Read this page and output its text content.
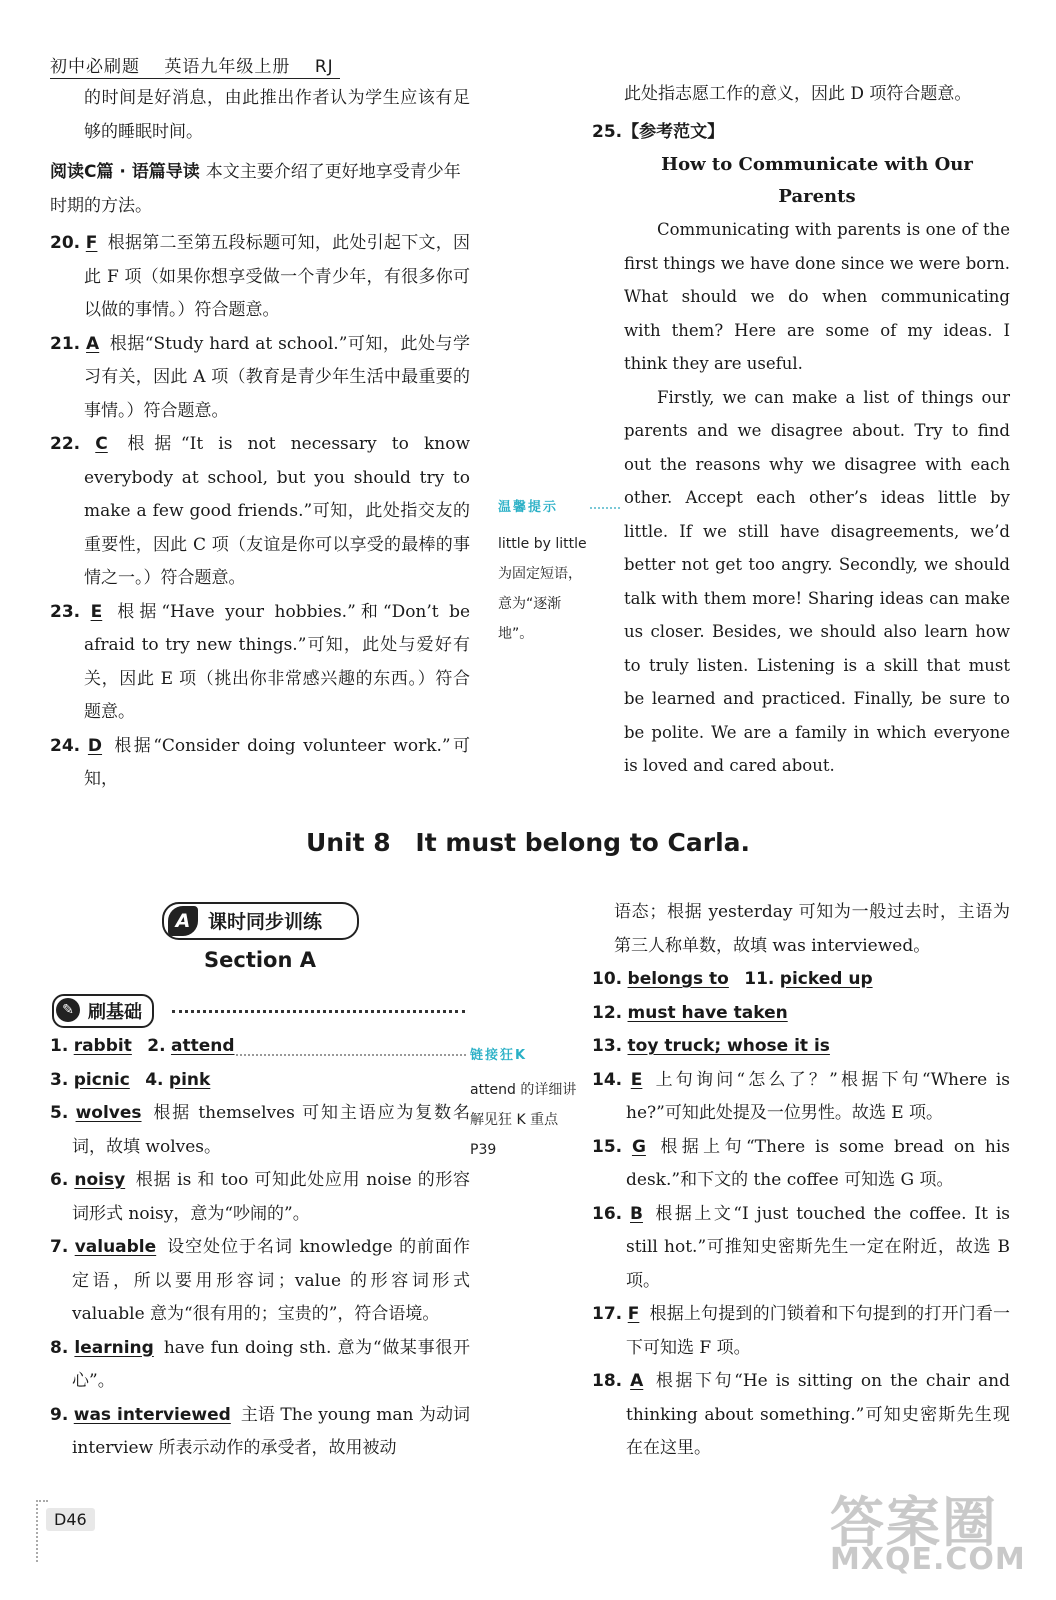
初中必刷题 英语九年级上册 RJ

的时间是好消息，由此推出作者认为学生应该有足够的睡眠时间。

阅读C篇 · 语篇导读 本文主要介绍了更好地享受青少年时期的方法。

20. F 根据第二至第五段标题可知，此处引起下文，因此 F 项（如果你想享受做一个青少年，有很多你可以做的事情。）符合题意。

21. A 根据“Study hard at school.”可知，此处与学习有关，因此 A 项（教育是青少年生活中最重要的事情。）符合题意。

22. C 根据“It is not necessary to know everybody at school, but you should try to make a few good friends.”可知，此处指交友的重要性，因此 C 项（友谊是你可以享受的最棒的事情之一。）符合题意。

23. E 根据“Have your hobbies.”和“Don’t be afraid to try new things.”可知，此处与爱好有关，因此 E 项（挑出你非常感兴趣的东西。）符合题意。

24. D 根据“Consider doing volunteer work.”可知，

温馨提示
little by little 为固定短语，意为“逐渐地”。

此处指志愿工作的意义，因此 D 项符合题意。

25.【参考范文】

How to Communicate with Our Parents

Communicating with parents is one of the first things we have done since we were born. What should we do when communicating with them? Here are some of my ideas. I think they are useful.

Firstly, we can make a list of things our parents and we disagree about. Try to find out the reasons why we disagree with each other. Accept each other’s ideas little by little. If we still have disagreements, we’d better not get too angry. Secondly, we should talk with them more! Sharing ideas can make us closer. Besides, we should also learn how to truly listen. Listening is a skill that must be learned and practiced. Finally, be sure to be polite. We are a family in which everyone is loved and cared about.

Unit 8 It must belong to Carla.
A 课时同步训练
Section A
✎ 刷基础

1. rabbit 2. attend

3. picnic 4. pink

5. wolves 根据 themselves 可知主语应为复数名词，故填 wolves。

6. noisy 根据 is 和 too 可知此处应用 noise 的形容词形式 noisy，意为“吵闹的”。

7. valuable 设空处位于名词 knowledge 的前面作定语，所以要用形容词；value 的形容词形式 valuable 意为“很有用的；宝贵的”，符合语境。

8. learning have fun doing sth. 意为“做某事很开心”。

9. was interviewed 主语 The young man 为动词 interview 所表示动作的承受者，故用被动

链接狂K
attend 的详细讲解见狂 K 重点 P39

语态；根据 yesterday 可知为一般过去时，主语为第三人称单数，故填 was interviewed。

10. belongs to 11. picked up

12. must have taken

13. toy truck; whose it is

14. E 上句询问“怎么了？”根据下句“Where is he?”可知此处提及一位男性。故选 E 项。

15. G 根据上句“There is some bread on his desk.”和下文的 the coffee 可知选 G 项。

16. B 根据上文“I just touched the coffee. It is still hot.”可推知史密斯先生一定在附近，故选 B 项。

17. F 根据上句提到的门锁着和下句提到的打开门看一下可知选 F 项。

18. A 根据下句“He is sitting on the chair and thinking about something.”可知史密斯先生现在在这里。

D46	答案圈
MXQE.COM
